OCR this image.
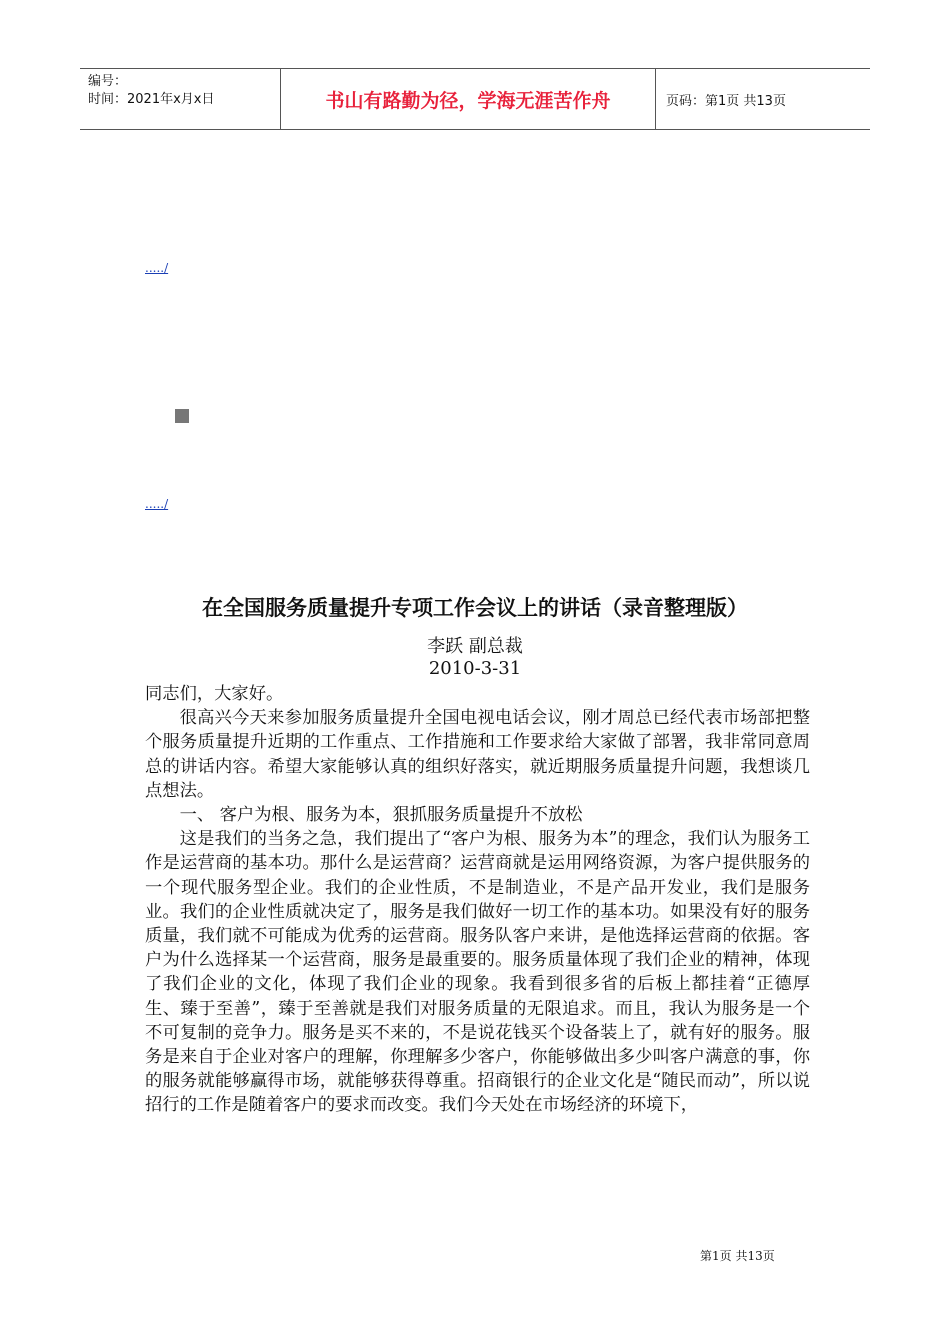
编号：
时间：2021年x月x日	书山有路勤为径，学海无涯苦作舟	页码：第1页 共13页
...../
...../
在全国服务质量提升专项工作会议上的讲话（录音整理版）
李跃 副总裁
2010-3-31

同志们，大家好。

很高兴今天来参加服务质量提升全国电视电话会议，刚才周总已经代表市场部把整个服务质量提升近期的工作重点、工作措施和工作要求给大家做了部署，我非常同意周总的讲话内容。希望大家能够认真的组织好落实，就近期服务质量提升问题，我想谈几点想法。

一、 客户为根、服务为本，狠抓服务质量提升不放松

这是我们的当务之急，我们提出了“客户为根、服务为本”的理念，我们认为服务工作是运营商的基本功。那什么是运营商？运营商就是运用网络资源，为客户提供服务的一个现代服务型企业。我们的企业性质，不是制造业，不是产品开发业，我们是服务业。我们的企业性质就决定了，服务是我们做好一切工作的基本功。如果没有好的服务质量，我们就不可能成为优秀的运营商。服务队客户来讲，是他选择运营商的依据。客户为什么选择某一个运营商，服务是最重要的。服务质量体现了我们企业的精神，体现了我们企业的文化，体现了我们企业的现象。我看到很多省的后板上都挂着“正德厚生、臻于至善”，臻于至善就是我们对服务质量的无限追求。而且，我认为服务是一个不可复制的竞争力。服务是买不来的，不是说花钱买个设备装上了，就有好的服务。服务是来自于企业对客户的理解，你理解多少客户，你能够做出多少叫客户满意的事，你的服务就能够赢得市场，就能够获得尊重。招商银行的企业文化是“随民而动”，所以说招行的工作是随着客户的要求而改变。我们今天处在市场经济的环境下，

第1页 共13页
